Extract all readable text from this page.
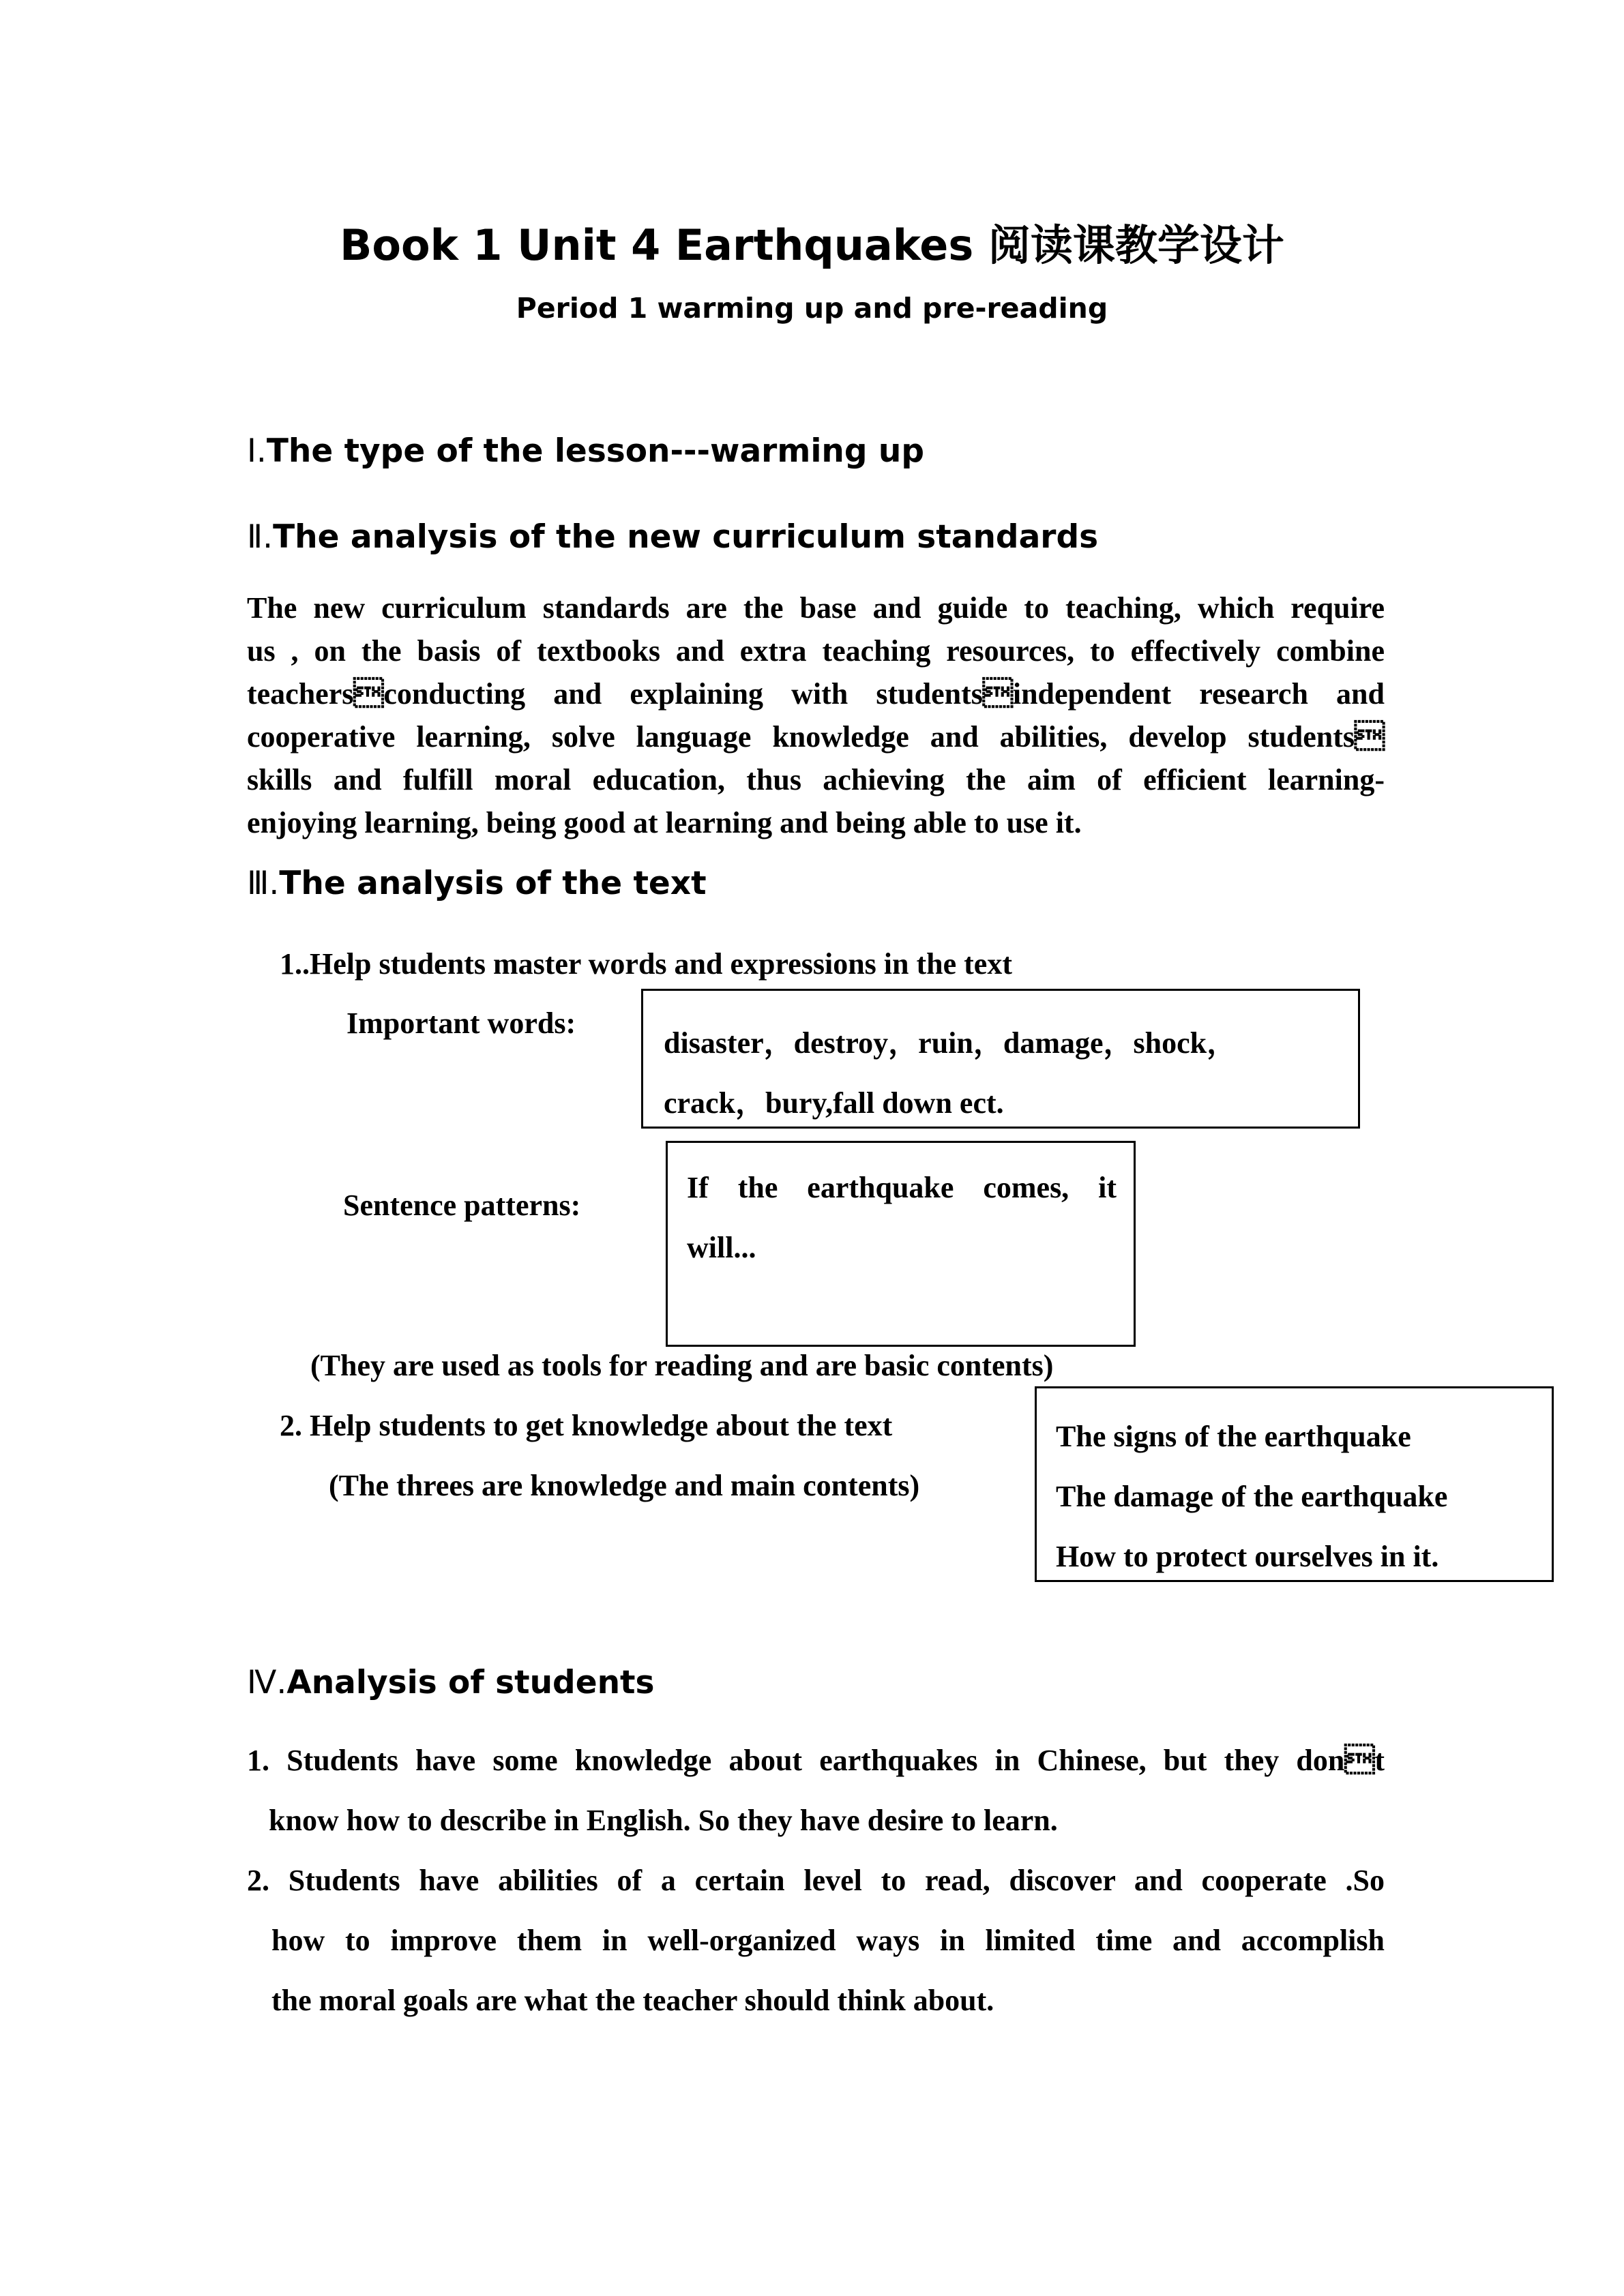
Book 1 Unit 4 Earthquakes 阅读课教学设计
Period 1 warming up and pre-reading
Ⅰ.The type of the lesson---warming up
Ⅱ.The analysis of the new curriculum standards
The new curriculum standards are the base and guide to teaching, which require
us , on the basis of textbooks and extra teaching resources, to effectively combine
teachersconducting and explaining with studentsindependent research and
cooperative learning, solve language knowledge and abilities, develop students
skills and fulfill moral education, thus achieving the aim of efficient learning-
enjoying learning, being good at learning and being able to use it.
Ⅲ.The analysis of the text
1..Help students master words and expressions in the text
Important words:
disaster，destroy，ruin，damage，shock，
crack，bury,fall down ect.
Sentence patterns:
If the earthquake comes, it
will...
(They are used as tools for reading and are basic contents)
2. Help students to get knowledge about the text
(The threes are knowledge and main contents)
The signs of the earthquake
The damage of the earthquake
How to protect ourselves in it.
Ⅳ.Analysis of students
1. Students have some knowledge about earthquakes in Chinese, but they dont
know how to describe in English. So they have desire to learn.
2. Students have abilities of a certain level to read, discover and cooperate .So
how to improve them in well-organized ways in limited time and accomplish
the moral goals are what the teacher should think about.
